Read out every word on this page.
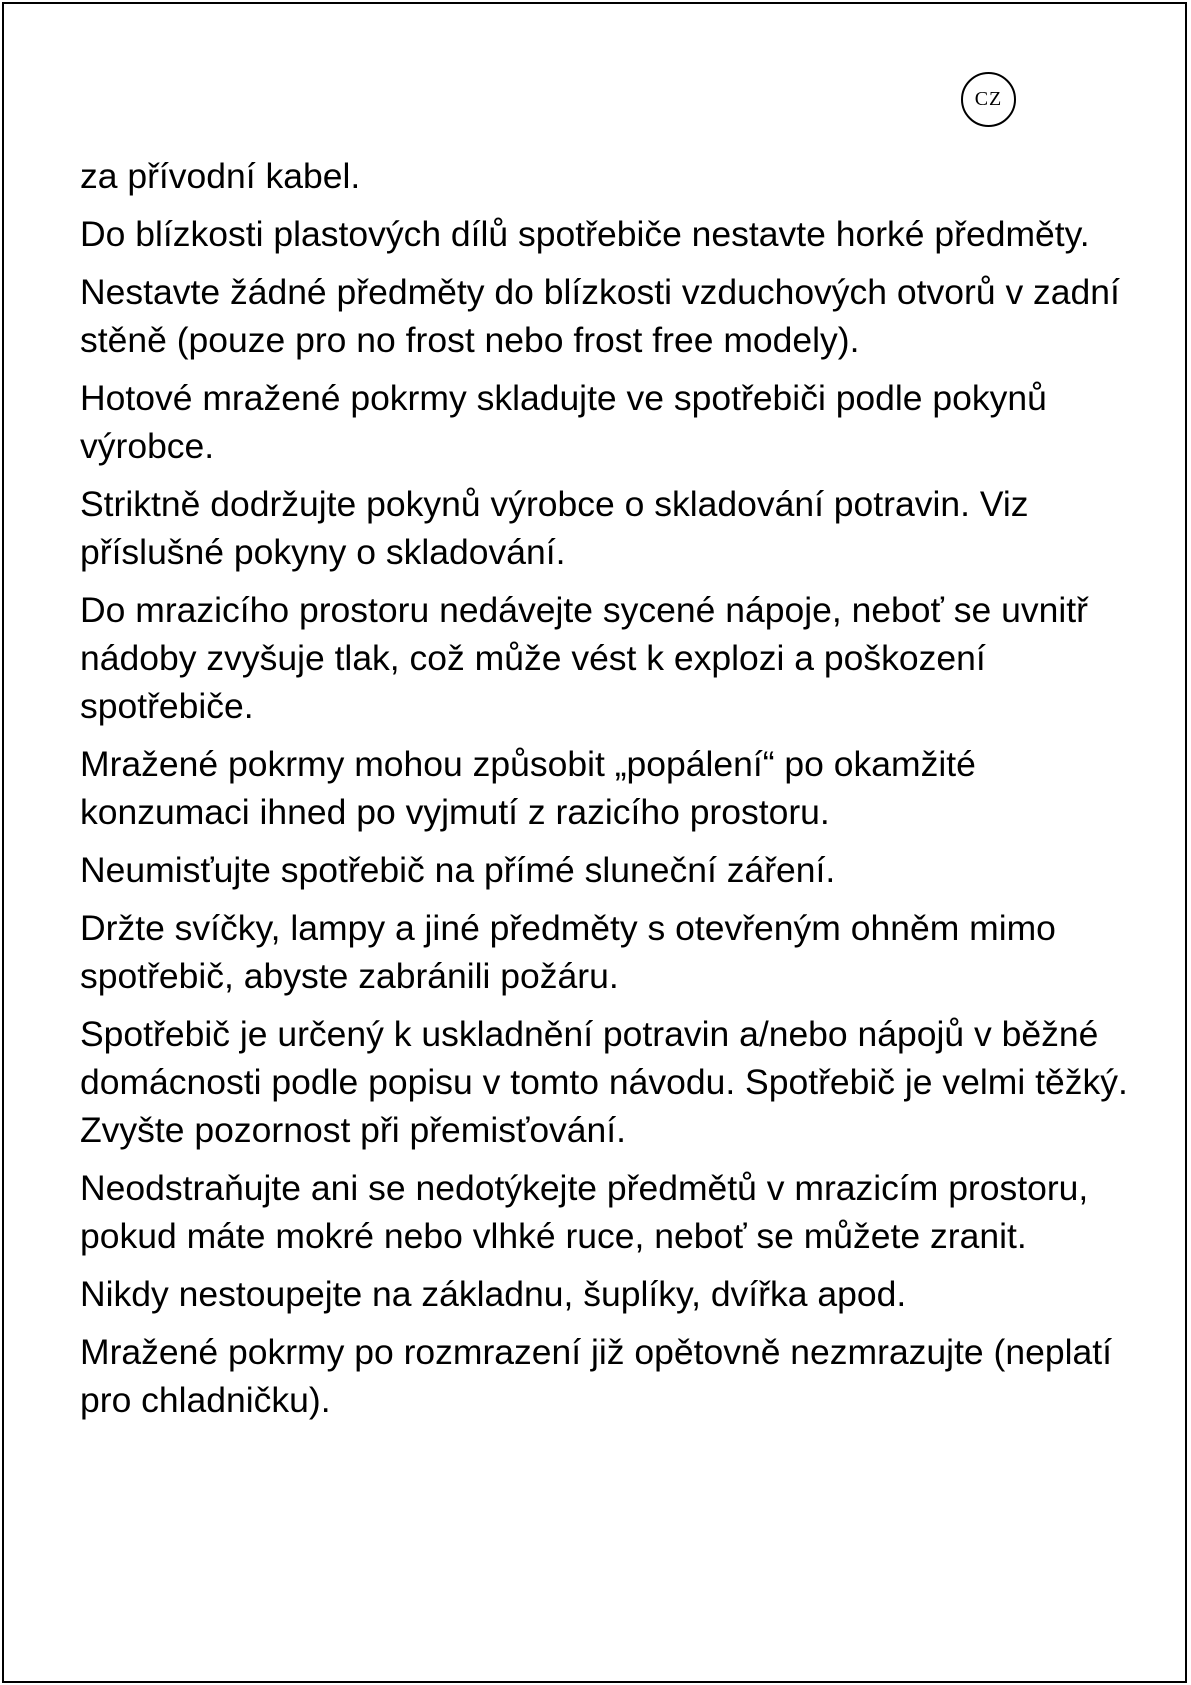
CZ

za přívodní kabel.

Do blízkosti plastových dílů spotřebiče nestavte horké předměty.

Nestavte žádné předměty do blízkosti vzduchových otvorů v zadní stěně (pouze pro no frost nebo frost free modely).

Hotové mražené pokrmy skladujte ve spotřebiči podle pokynů výrobce.

Striktně dodržujte pokynů výrobce o skladování potravin. Viz příslušné pokyny o skladování.

Do mrazicího prostoru nedávejte sycené nápoje, neboť se uvnitř nádoby zvyšuje tlak, což může vést k explozi a poškození spotřebiče.

Mražené pokrmy mohou způsobit „popálení“ po okamžité konzumaci ihned po vyjmutí z razicího prostoru.

Neumisťujte spotřebič na přímé sluneční záření.

Držte svíčky, lampy a jiné předměty s otevřeným ohněm mimo spotřebič, abyste zabránili požáru.

Spotřebič je určený k uskladnění potravin a/nebo nápojů v běžné domácnosti podle popisu v tomto návodu. Spotřebič je velmi těžký. Zvyšte pozornost při přemisťování.

Neodstraňujte ani se nedotýkejte předmětů v mrazicím prostoru, pokud máte mokré nebo vlhké ruce, neboť se můžete zranit.

Nikdy nestoupejte na základnu, šuplíky, dvířka apod.

Mražené pokrmy po rozmrazení již opětovně nezmrazujte (neplatí pro chladničku).
